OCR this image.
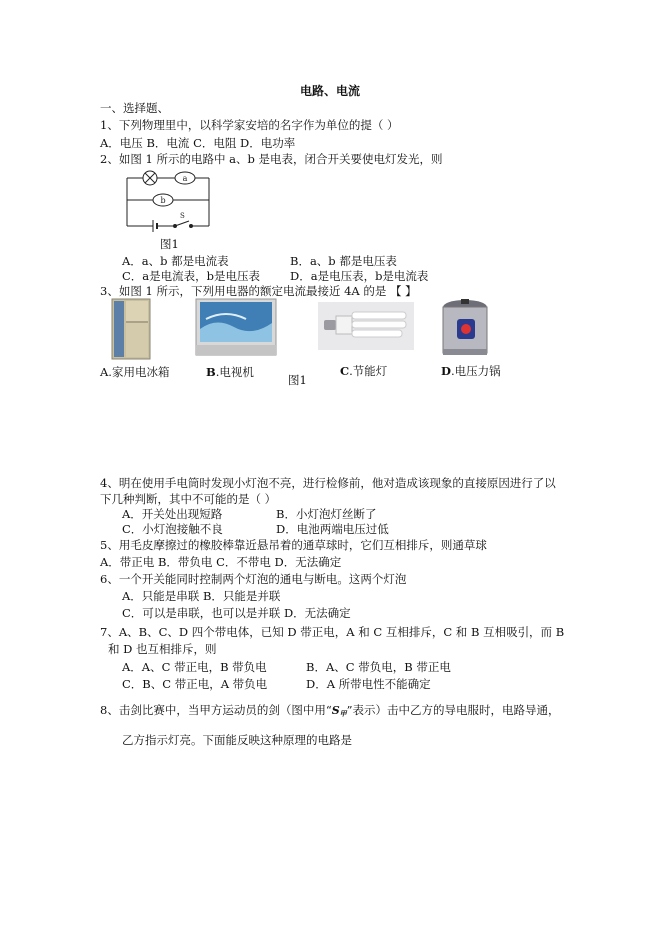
电路、电流
一、选择题、
1、下列物理里中，以科学家安培的名字作为单位的提（ ）
A．电压 B．电流 C．电阻 D．电功率
2、如图 1 所示的电路中 a、b 是电表，闭合开关要使电灯发光，则
a
b
S
图1
A．a、b 都是电流表	B．a、b 都是电压表
C．a是电流表，b是电压表	D．a是电压表，b是电流表
3、如图 1 所示，下列用电器的额定电流最接近 4A 的是 【 】
A.家用电冰箱	B.电视机
图1
C.节能灯	D.电压力锅
4、明在使用手电筒时发现小灯泡不亮，进行检修前，他对造成该现象的直接原因进行了以
下几种判断，其中不可能的是（ ）
A．开关处出现短路	B．小灯泡灯丝断了
C．小灯泡接触不良	D．电池两端电压过低
5、用毛皮摩擦过的橡胶棒靠近悬吊着的通草球时，它们互相排斥，则通草球
A．带正电 B．带负电 C．不带电 D．无法确定
6、一个开关能同时控制两个灯泡的通电与断电。这两个灯泡
A．只能是串联 B．只能是并联
C．可以是串联，也可以是并联 D．无法确定
7、A、B、C、D 四个带电体，已知 D 带正电，A 和 C 互相排斥，C 和 B 互相吸引，而 B
和 D 也互相排斥，则
A．A、C 带正电，B 带负电	B．A、C 带负电，B 带正电
C．B、C 带正电，A 带负电	D．A 所带电性不能确定
8、击剑比赛中，当甲方运动员的剑（图中用“$S_甲$”表示）击中乙方的导电服时，电路导通，
乙方指示灯亮。下面能反映这种原理的电路是
